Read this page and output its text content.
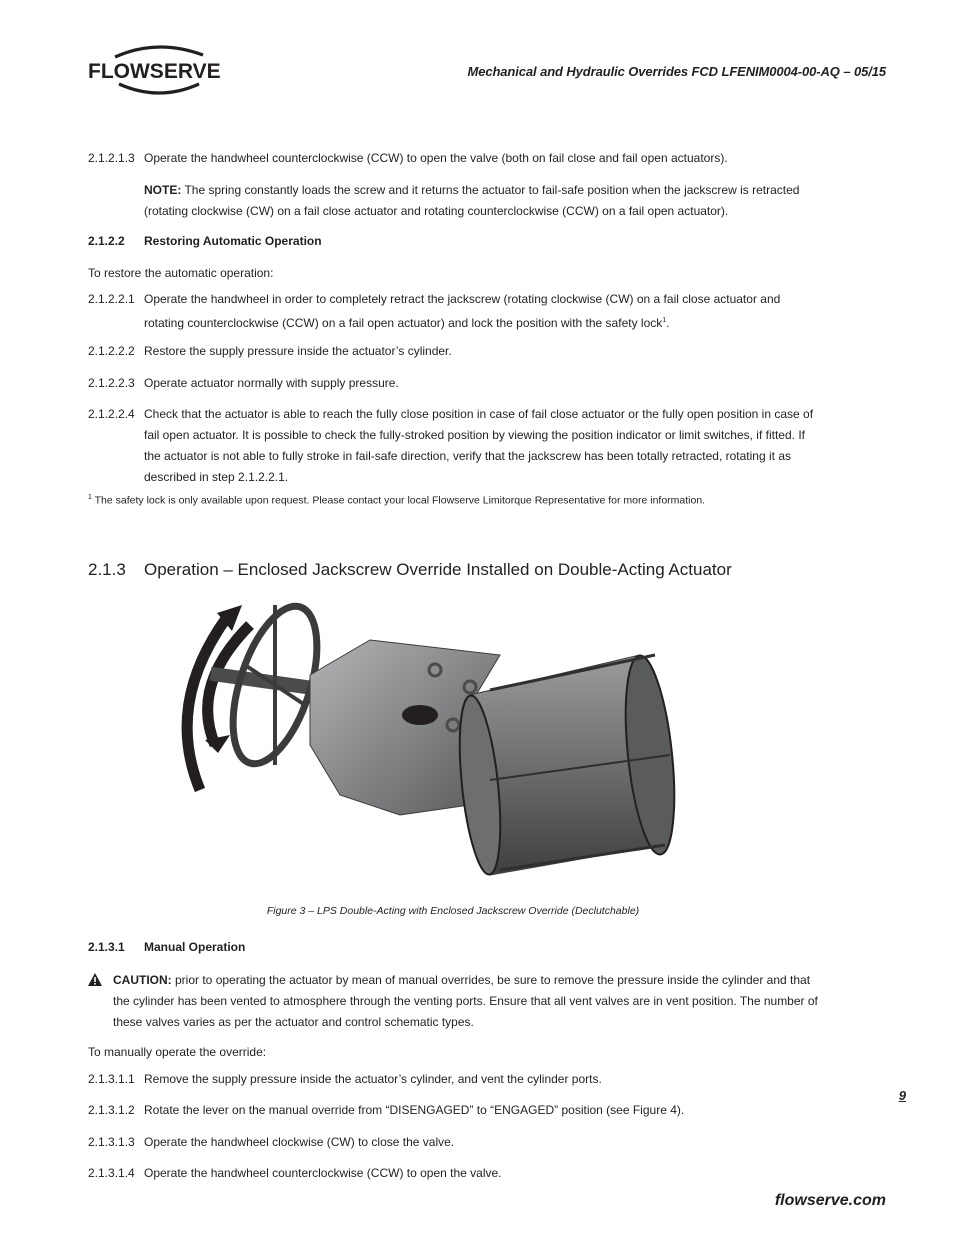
FLOWSERVE	Mechanical and Hydraulic Overrides FCD LFENIM0004-00-AQ – 05/15
2.1.2.1.3 Operate the handwheel counterclockwise (CCW) to open the valve (both on fail close and fail open actuators).
NOTE: The spring constantly loads the screw and it returns the actuator to fail-safe position when the jackscrew is retracted (rotating clockwise (CW) on a fail close actuator and rotating counterclockwise (CCW) on a fail open actuator).
2.1.2.2 Restoring Automatic Operation
To restore the automatic operation:
2.1.2.2.1 Operate the handwheel in order to completely retract the jackscrew (rotating clockwise (CW) on a fail close actuator and rotating counterclockwise (CCW) on a fail open actuator) and lock the position with the safety lock$^1$.
2.1.2.2.2 Restore the supply pressure inside the actuator’s cylinder.
2.1.2.2.3 Operate actuator normally with supply pressure.
2.1.2.2.4 Check that the actuator is able to reach the fully close position in case of fail close actuator or the fully open position in case of fail open actuator. It is possible to check the fully-stroked position by viewing the position indicator or limit switches, if fitted. If the actuator is not able to fully stroke in fail-safe direction, verify that the jackscrew has been totally retracted, rotating it as described in step 2.1.2.2.1.
$^1$ The safety lock is only available upon request. Please contact your local Flowserve Limitorque Representative for more information.
2.1.3 Operation – Enclosed Jackscrew Override Installed on Double-Acting Actuator
Figure 3 – LPS Double-Acting with Enclosed Jackscrew Override (Declutchable)
2.1.3.1 Manual Operation
CAUTION: prior to operating the actuator by mean of manual overrides, be sure to remove the pressure inside the cylinder and that the cylinder has been vented to atmosphere through the venting ports. Ensure that all vent valves are in vent position. The number of these valves varies as per the actuator and control schematic types.
To manually operate the override:
2.1.3.1.1 Remove the supply pressure inside the actuator’s cylinder, and vent the cylinder ports.
2.1.3.1.2 Rotate the lever on the manual override from “DISENGAGED” to “ENGAGED” position (see Figure 4).
2.1.3.1.3 Operate the handwheel clockwise (CW) to close the valve.
2.1.3.1.4 Operate the handwheel counterclockwise (CCW) to open the valve.
9
flowserve.com
